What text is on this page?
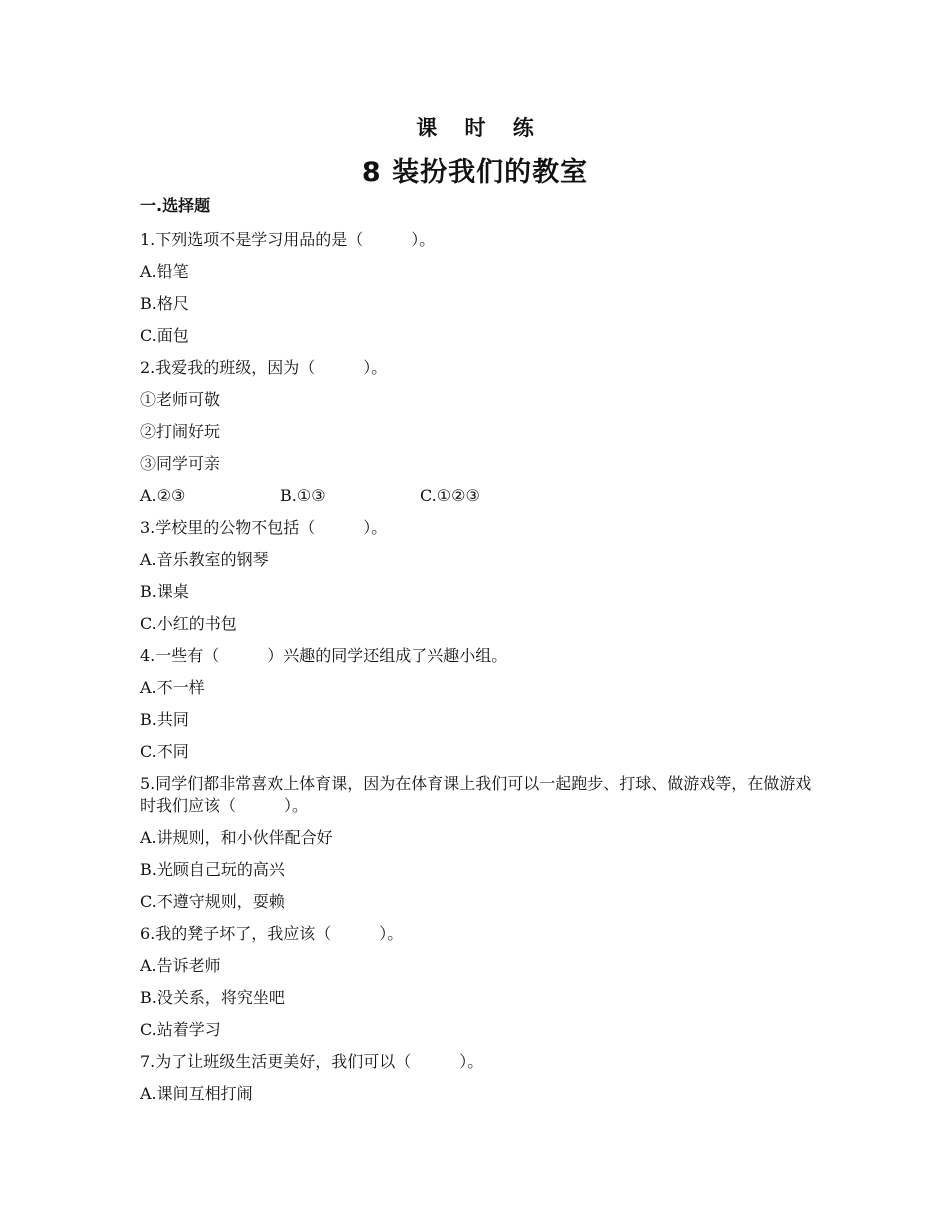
课 时 练
8 装扮我们的教室
一.选择题
1.下列选项不是学习用品的是（　　　）。
A.铅笔
B.格尺
C.面包
2.我爱我的班级，因为（　　　）。
①老师可敬
②打闹好玩
③同学可亲
A.②③	B.①③	C.①②③
3.学校里的公物不包括（　　　）。
A.音乐教室的钢琴
B.课桌
C.小红的书包
4.一些有（　　　）兴趣的同学还组成了兴趣小组。
A.不一样
B.共同
C.不同
5.同学们都非常喜欢上体育课，因为在体育课上我们可以一起跑步、打球、做游戏等，在做游戏时我们应该（　　　）。
A.讲规则，和小伙伴配合好
B.光顾自己玩的高兴
C.不遵守规则，耍赖
6.我的凳子坏了，我应该（　　　）。
A.告诉老师
B.没关系，将究坐吧
C.站着学习
7.为了让班级生活更美好，我们可以（　　　）。
A.课间互相打闹
